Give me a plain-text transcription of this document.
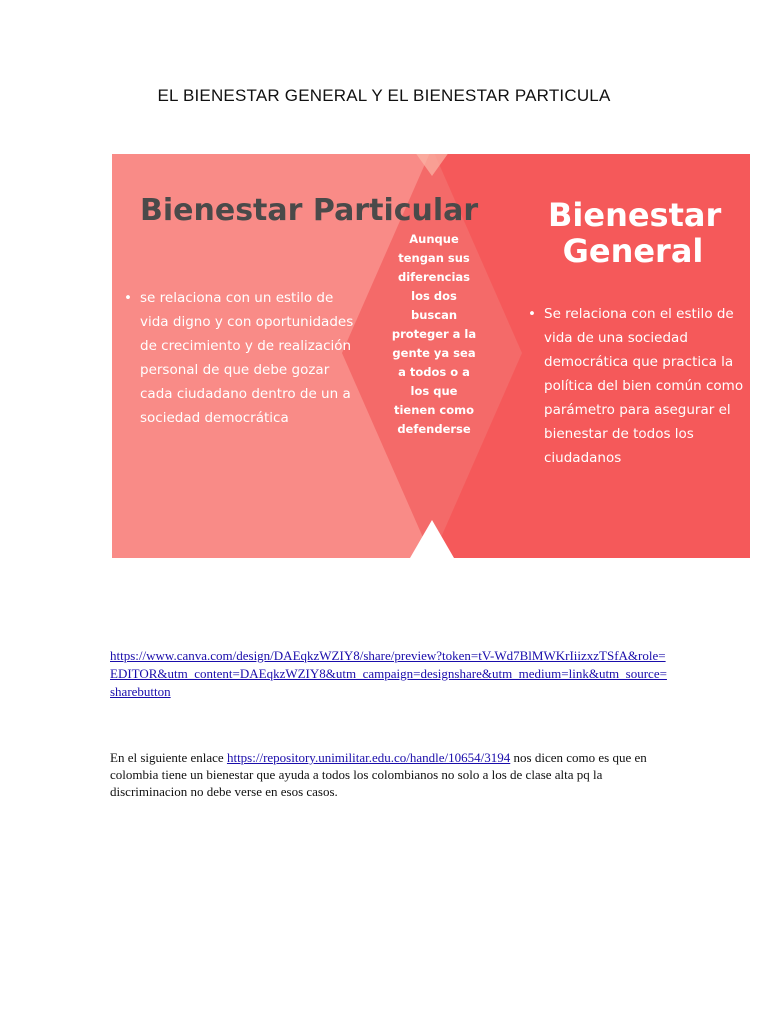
EL BIENESTAR GENERAL Y EL BIENESTAR PARTICULA
Bienestar Particular
• se relaciona con un estilo de vida digno y con oportunidades de crecimiento y de realización personal de que debe gozar cada ciudadano dentro de un a sociedad democrática
Aunque tengan sus diferencias los dos buscan proteger a la gente ya sea a todos o a los que tienen como defenderse
Bienestar General
• Se relaciona con el estilo de vida de una sociedad democrática que practica la política del bien común como parámetro para asegurar el bienestar de todos los ciudadanos
https://www.canva.com/design/DAEqkzWZIY8/share/preview?token=tV-Wd7BlMWKrIiizxzTSfA&role=EDITOR&utm_content=DAEqkzWZIY8&utm_campaign=designshare&utm_medium=link&utm_source=sharebutton
En el siguiente enlace https://repository.unimilitar.edu.co/handle/10654/3194 nos dicen como es que en colombia tiene un bienestar que ayuda a todos los colombianos no solo a los de clase alta pq la discriminacion no debe verse en esos casos.
